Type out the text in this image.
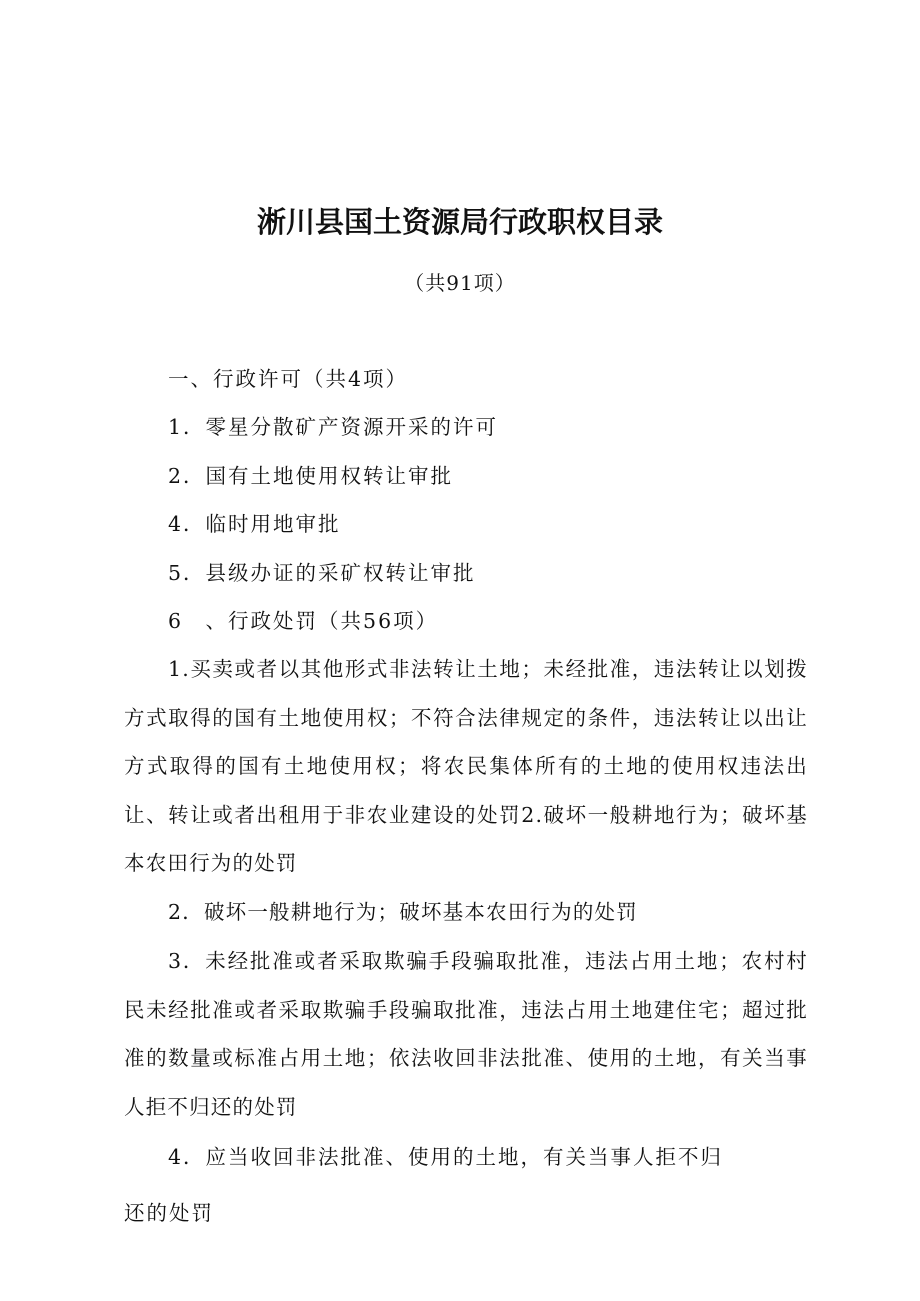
淅川县国土资源局行政职权目录
（共91项）
一、行政许可（共4项）
1．零星分散矿产资源开采的许可
2．国有土地使用权转让审批
4．临时用地审批
5．县级办证的采矿权转让审批
6　、行政处罚（共56项）
1.买卖或者以其他形式非法转让土地；未经批准，违法转让以划拨方式取得的国有土地使用权；不符合法律规定的条件，违法转让以出让方式取得的国有土地使用权；将农民集体所有的土地的使用权违法出让、转让或者出租用于非农业建设的处罚2.破坏一般耕地行为；破坏基本农田行为的处罚
2．破坏一般耕地行为；破坏基本农田行为的处罚
3．未经批准或者采取欺骗手段骗取批准，违法占用土地；农村村民未经批准或者采取欺骗手段骗取批准，违法占用土地建住宅；超过批准的数量或标准占用土地；依法收回非法批准、使用的土地，有关当事人拒不归还的处罚
4．应当收回非法批准、使用的土地，有关当事人拒不归
还的处罚
